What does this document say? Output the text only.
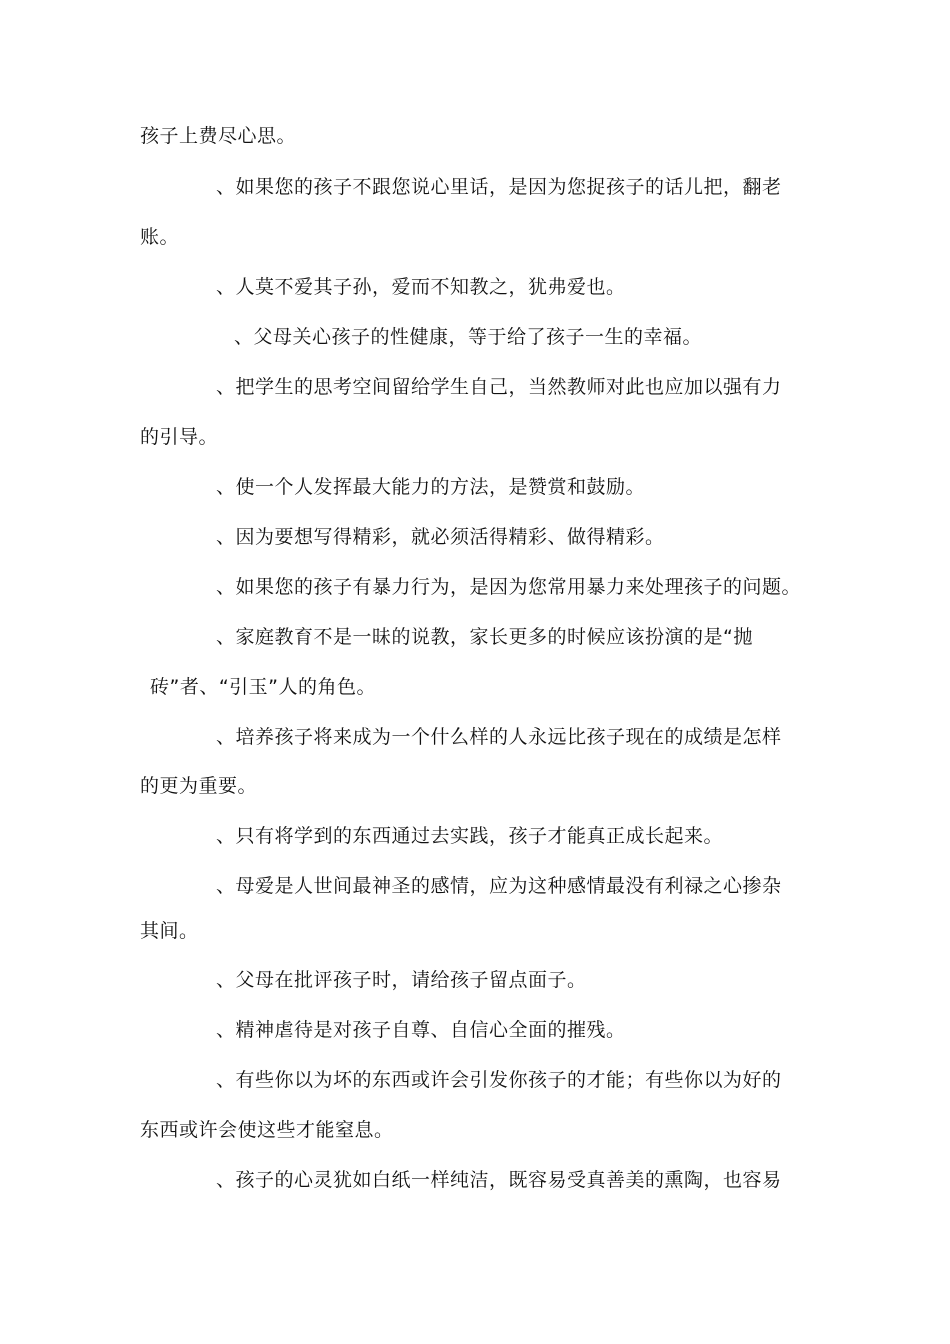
孩子上费尽心思。
、如果您的孩子不跟您说心里话，是因为您捉孩子的话儿把，翻老
账。
、人莫不爱其子孙，爱而不知教之，犹弗爱也。
、父母关心孩子的性健康，等于给了孩子一生的幸福。
、把学生的思考空间留给学生自己，当然教师对此也应加以强有力
的引导。
、使一个人发挥最大能力的方法，是赞赏和鼓励。
、因为要想写得精彩，就必须活得精彩、做得精彩。
、如果您的孩子有暴力行为，是因为您常用暴力来处理孩子的问题。
、家庭教育不是一昧的说教，家长更多的时候应该扮演的是“抛
砖”者、“引玉”人的角色。
、培养孩子将来成为一个什么样的人永远比孩子现在的成绩是怎样
的更为重要。
、只有将学到的东西通过去实践，孩子才能真正成长起来。
、母爱是人世间最神圣的感情，应为这种感情最没有利禄之心掺杂
其间。
、父母在批评孩子时，请给孩子留点面子。
、精神虐待是对孩子自尊、自信心全面的摧残。
、有些你以为坏的东西或许会引发你孩子的才能；有些你以为好的
东西或许会使这些才能窒息。
、孩子的心灵犹如白纸一样纯洁，既容易受真善美的熏陶，也容易
